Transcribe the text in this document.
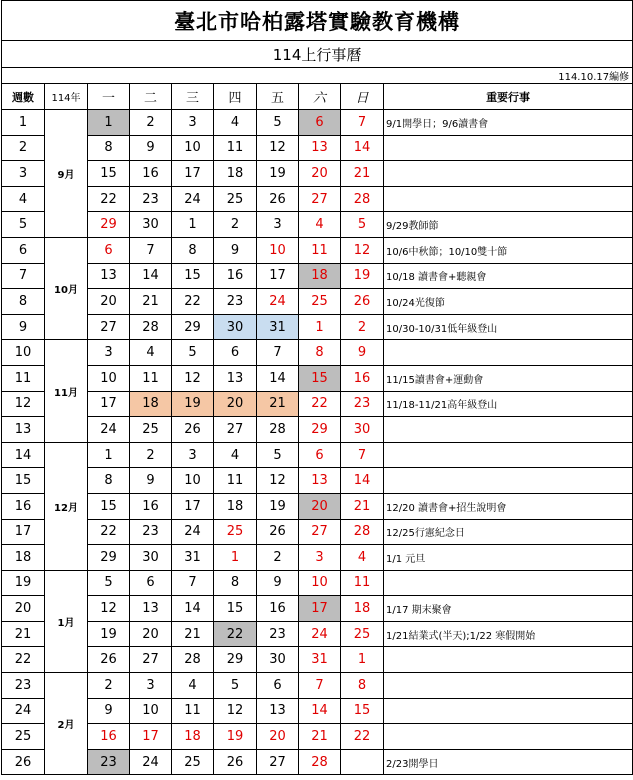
臺北市哈柏露塔實驗教育機構									
114上行事曆									
114.10.17編修									
週數	114年	一	二	三	四	五	六	日	重要行事
1	9月	1	2	3	4	5	6	7	9/1開學日；9/6讀書會
2		8	9	10	11	12	13	14	
3		15	16	17	18	19	20	21	
4		22	23	24	25	26	27	28	
5		29	30	1	2	3	4	5	9/29教師節
6	10月	6	7	8	9	10	11	12	10/6中秋節；10/10雙十節
7		13	14	15	16	17	18	19	10/18 讀書會+聽親會
8		20	21	22	23	24	25	26	10/24光復節
9		27	28	29	30	31	1	2	10/30-10/31低年級登山
10	11月	3	4	5	6	7	8	9	
11		10	11	12	13	14	15	16	11/15讀書會+運動會
12		17	18	19	20	21	22	23	11/18-11/21高年級登山
13		24	25	26	27	28	29	30	
14	12月	1	2	3	4	5	6	7	
15		8	9	10	11	12	13	14	
16		15	16	17	18	19	20	21	12/20 讀書會+招生說明會
17		22	23	24	25	26	27	28	12/25行憲紀念日
18		29	30	31	1	2	3	4	1/1 元旦
19	1月	5	6	7	8	9	10	11	
20		12	13	14	15	16	17	18	1/17 期末聚會
21		19	20	21	22	23	24	25	1/21結業式(半天);1/22 寒假開始
22		26	27	28	29	30	31	1	
23	2月	2	3	4	5	6	7	8	
24		9	10	11	12	13	14	15	
25		16	17	18	19	20	21	22	
26		23	24	25	26	27	28		2/23開學日
